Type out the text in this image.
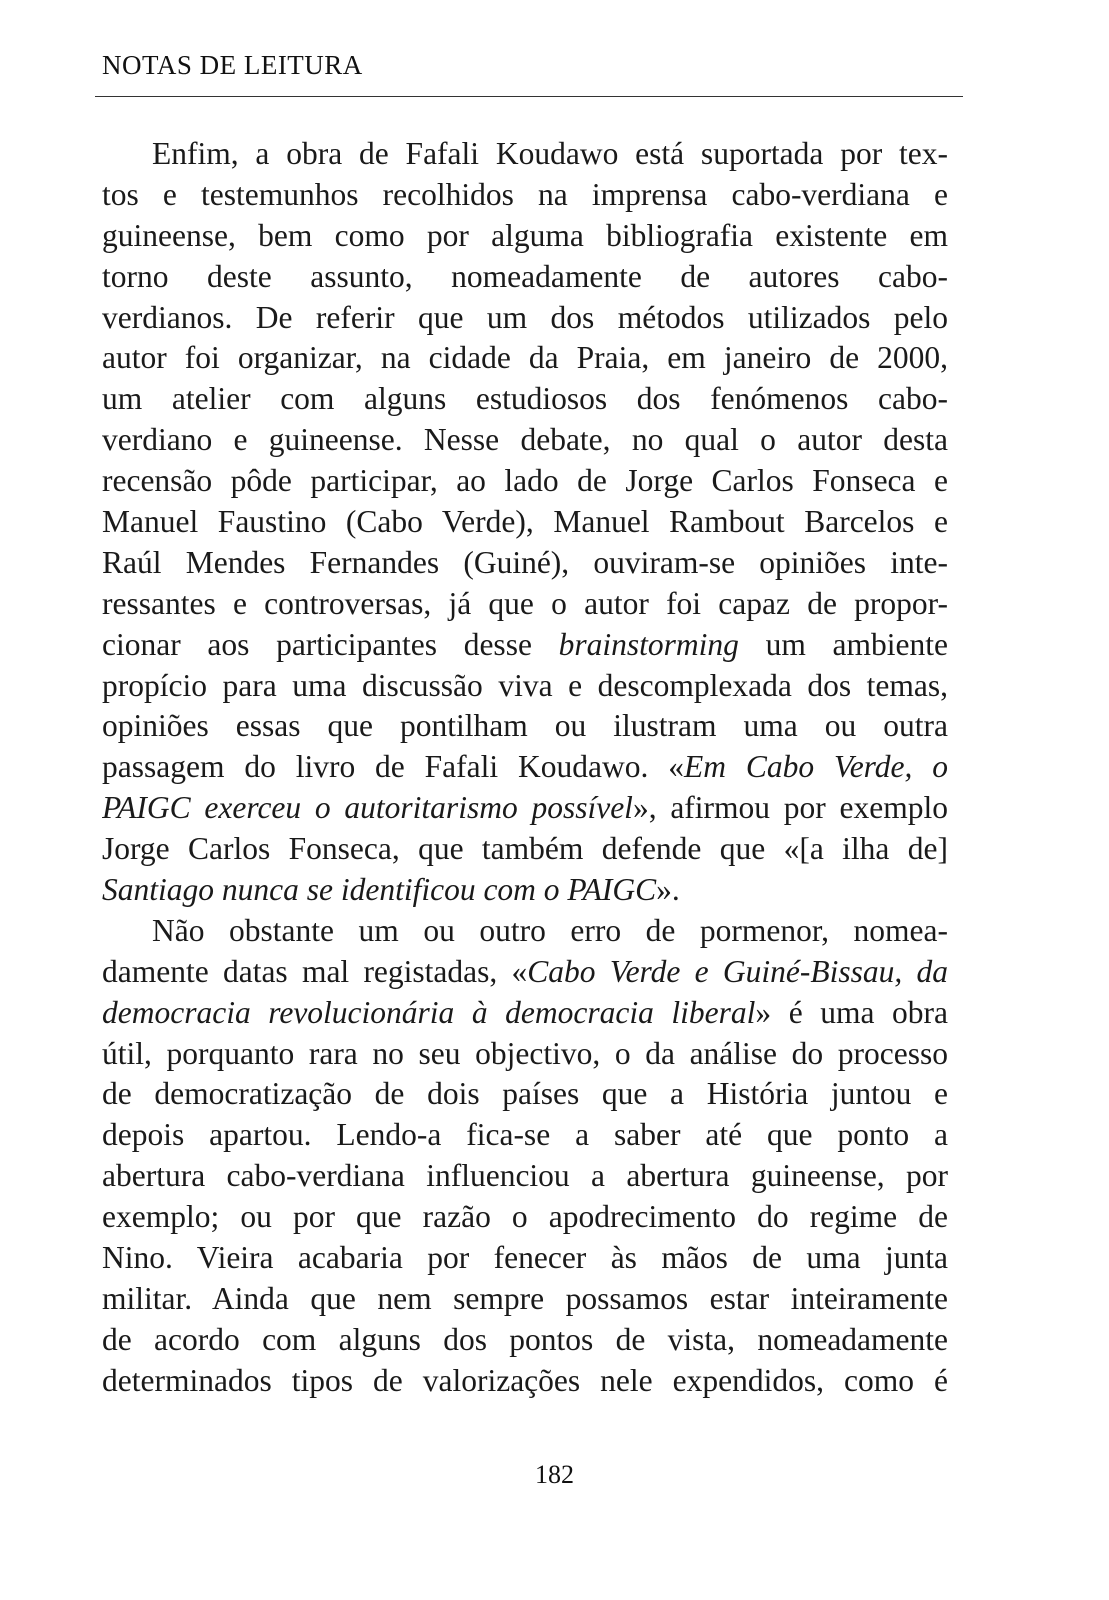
NOTAS DE LEITURA
Enfim, a obra de Fafali Koudawo está suportada por tex-
tos e testemunhos recolhidos na imprensa cabo-verdiana e
guineense, bem como por alguma bibliografia existente em
torno deste assunto, nomeadamente de autores cabo-
verdianos. De referir que um dos métodos utilizados pelo
autor foi organizar, na cidade da Praia, em janeiro de 2000,
um atelier com alguns estudiosos dos fenómenos cabo-
verdiano e guineense. Nesse debate, no qual o autor desta
recensão pôde participar, ao lado de Jorge Carlos Fonseca e
Manuel Faustino (Cabo Verde), Manuel Rambout Barcelos e
Raúl Mendes Fernandes (Guiné), ouviram-se opiniões inte-
ressantes e controversas, já que o autor foi capaz de propor-
cionar aos participantes desse brainstorming um ambiente
propício para uma discussão viva e descomplexada dos temas,
opiniões essas que pontilham ou ilustram uma ou outra
passagem do livro de Fafali Koudawo. «Em Cabo Verde, o
PAIGC exerceu o autoritarismo possível», afirmou por exemplo
Jorge Carlos Fonseca, que também defende que «[a ilha de]
Santiago nunca se identificou com o PAIGC».
Não obstante um ou outro erro de pormenor, nomea-
damente datas mal registadas, «Cabo Verde e Guiné-Bissau, da
democracia revolucionária à democracia liberal» é uma obra
útil, porquanto rara no seu objectivo, o da análise do processo
de democratização de dois países que a História juntou e
depois apartou. Lendo-a fica-se a saber até que ponto a
abertura cabo-verdiana influenciou a abertura guineense, por
exemplo; ou por que razão o apodrecimento do regime de
Nino. Vieira acabaria por fenecer às mãos de uma junta
militar. Ainda que nem sempre possamos estar inteiramente
de acordo com alguns dos pontos de vista, nomeadamente
determinados tipos de valorizações nele expendidos, como é
182
